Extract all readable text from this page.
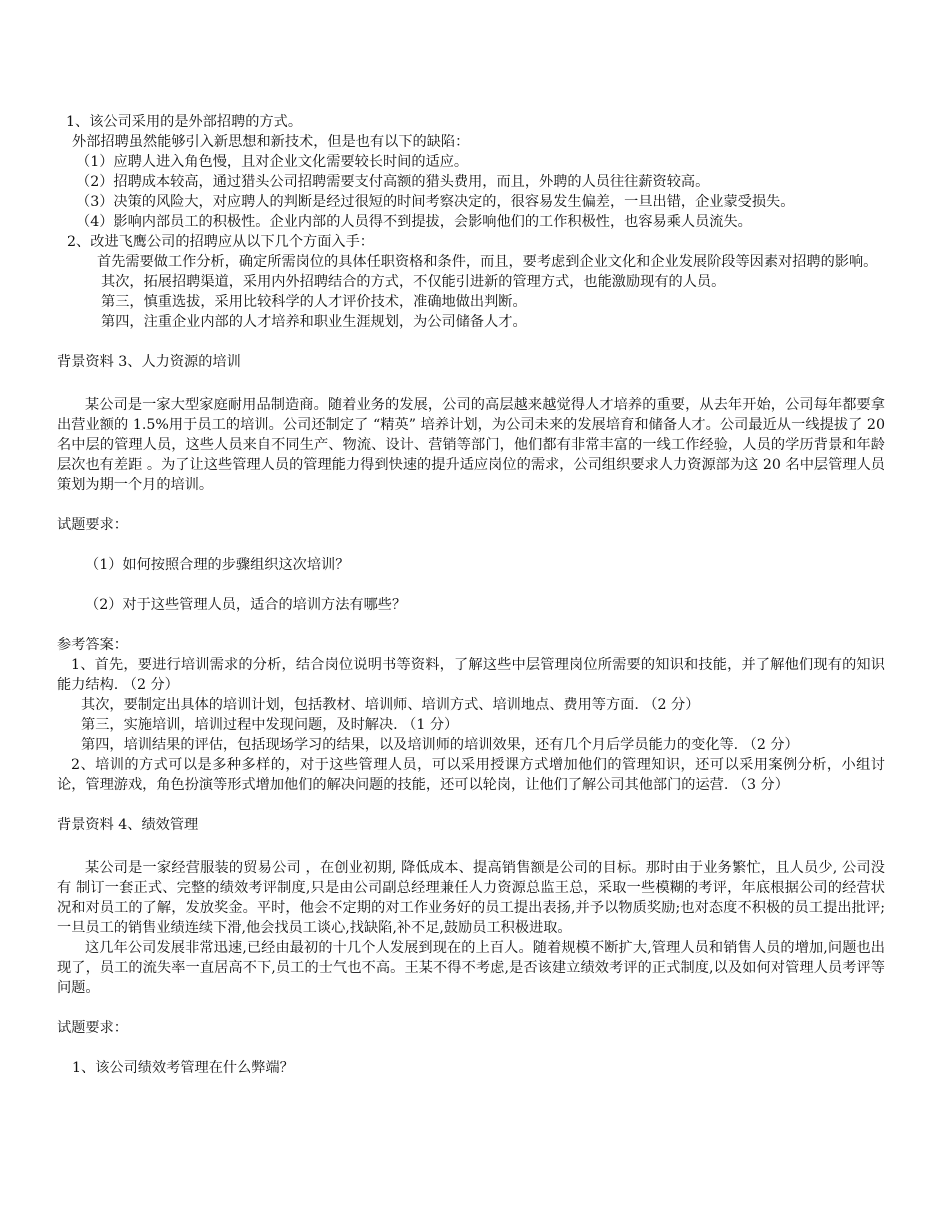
1、该公司采用的是外部招聘的方式。

外部招聘虽然能够引入新思想和新技术，但是也有以下的缺陷：

（1）应聘人进入角色慢，且对企业文化需要较长时间的适应。

（2）招聘成本较高，通过猎头公司招聘需要支付高额的猎头费用，而且，外聘的人员往往薪资较高。

（3）决策的风险大，对应聘人的判断是经过很短的时间考察决定的，很容易发生偏差，一旦出错，企业蒙受损失。

（4）影响内部员工的积极性。企业内部的人员得不到提拔，会影响他们的工作积极性，也容易乘人员流失。

2、改进飞鹰公司的招聘应从以下几个方面入手：

首先需要做工作分析，确定所需岗位的具体任职资格和条件，而且，要考虑到企业文化和企业发展阶段等因素对招聘的影响。

其次，拓展招聘渠道，采用内外招聘结合的方式，不仅能引进新的管理方式，也能激励现有的人员。

第三，慎重选拔，采用比较科学的人才评价技术，准确地做出判断。

第四，注重企业内部的人才培养和职业生涯规划，为公司储备人才。

背景资料 3、人力资源的培训

某公司是一家大型家庭耐用品制造商。随着业务的发展，公司的高层越来越觉得人才培养的重要，从去年开始，公司每年都要拿出营业额的 1.5%用于员工的培训。公司还制定了 “精英” 培养计划，为公司未来的发展培育和储备人才。公司最近从一线提拔了 20 名中层的管理人员，这些人员来自不同生产、物流、设计、营销等部门，他们都有非常丰富的一线工作经验，人员的学历背景和年龄层次也有差距 。为了让这些管理人员的管理能力得到快速的提升适应岗位的需求，公司组织要求人力资源部为这 20 名中层管理人员策划为期一个月的培训。

试题要求：

（1）如何按照合理的步骤组织这次培训？

（2）对于这些管理人员，适合的培训方法有哪些？

参考答案：

1、首先，要进行培训需求的分析，结合岗位说明书等资料，了解这些中层管理岗位所需要的知识和技能，并了解他们现有的知识能力结构. （2 分）

其次，要制定出具体的培训计划，包括教材、培训师、培训方式、培训地点、费用等方面. （2 分）

第三，实施培训，培训过程中发现问题，及时解决. （1 分）

第四，培训结果的评估，包括现场学习的结果，以及培训师的培训效果，还有几个月后学员能力的变化等. （2 分）

2、培训的方式可以是多种多样的，对于这些管理人员，可以采用授课方式增加他们的管理知识，还可以采用案例分析，小组讨论，管理游戏，角色扮演等形式增加他们的解决问题的技能，还可以轮岗，让他们了解公司其他部门的运营. （3 分）

背景资料 4、绩效管理

某公司是一家经营服装的贸易公司 ，在创业初期, 降低成本、提高销售额是公司的目标。那时由于业务繁忙，且人员少, 公司没有 制订一套正式、完整的绩效考评制度,只是由公司副总经理兼任人力资源总监王总，采取一些模糊的考评，年底根据公司的经营状况和对员工的了解，发放奖金。平时，他会不定期的对工作业务好的员工提出表扬,并予以物质奖励;也对态度不积极的员工提出批评;一旦员工的销售业绩连续下滑,他会找员工谈心,找缺陷,补不足,鼓励员工积极进取。

这几年公司发展非常迅速,已经由最初的十几个人发展到现在的上百人。随着规模不断扩大,管理人员和销售人员的增加,问题也出现了，员工的流失率一直居高不下,员工的士气也不高。王某不得不考虑,是否该建立绩效考评的正式制度,以及如何对管理人员考评等问题。

试题要求：

1、该公司绩效考管理在什么弊端？
